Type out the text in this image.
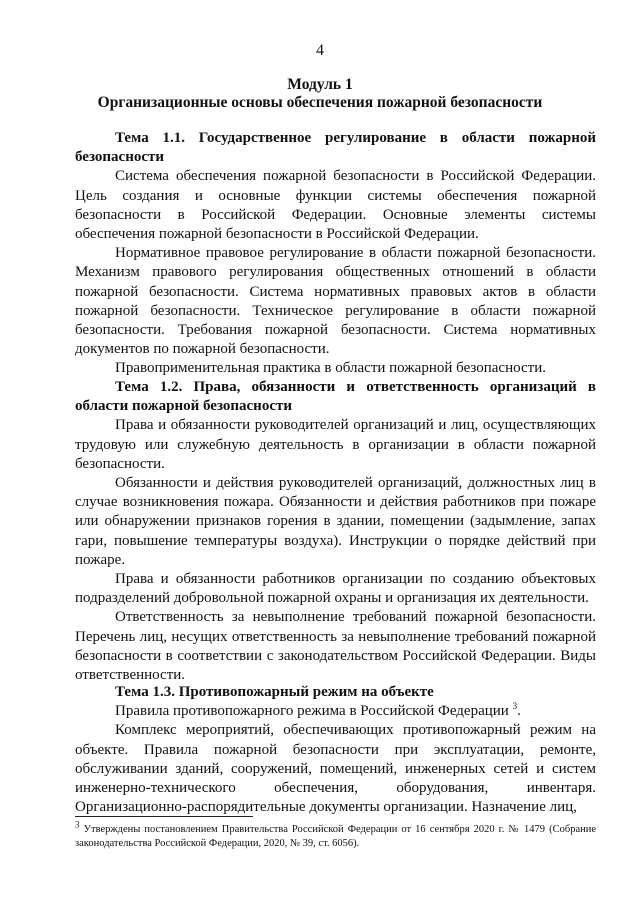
4
Модуль 1
Организационные основы обеспечения пожарной безопасности

Тема 1.1. Государственное регулирование в области пожарной безопасности

Система обеспечения пожарной безопасности в Российской Федерации. Цель создания и основные функции системы обеспечения пожарной безопасности в Российской Федерации. Основные элементы системы обеспечения пожарной безопасности в Российской Федерации.

Нормативное правовое регулирование в области пожарной безопасности. Механизм правового регулирования общественных отношений в области пожарной безопасности. Система нормативных правовых актов в области пожарной безопасности. Техническое регулирование в области пожарной безопасности. Требования пожарной безопасности. Система нормативных документов по пожарной безопасности.

Правоприменительная практика в области пожарной безопасности.

Тема 1.2. Права, обязанности и ответственность организаций в области пожарной безопасности

Права и обязанности руководителей организаций и лиц, осуществляющих трудовую или служебную деятельность в организации в области пожарной безопасности.

Обязанности и действия руководителей организаций, должностных лиц в случае возникновения пожара. Обязанности и действия работников при пожаре или обнаружении признаков горения в здании, помещении (задымление, запах гари, повышение температуры воздуха). Инструкции о порядке действий при пожаре.

Права и обязанности работников организации по созданию объектовых подразделений добровольной пожарной охраны и организация их деятельности.

Ответственность за невыполнение требований пожарной безопасности. Перечень лиц, несущих ответственность за невыполнение требований пожарной безопасности в соответствии с законодательством Российской Федерации. Виды ответственности.

Тема 1.3. Противопожарный режим на объекте

Правила противопожарного режима в Российской Федерации $^3$.

Комплекс мероприятий, обеспечивающих противопожарный режим на объекте. Правила пожарной безопасности при эксплуатации, ремонте, обслуживании зданий, сооружений, помещений, инженерных сетей и систем инженерно-технического обеспечения, оборудования, инвентаря. Организационно-распорядительные документы организации. Назначение лиц,

$^3$ Утверждены постановлением Правительства Российской Федерации от 16 сентября 2020 г. № 1479 (Собрание законодательства Российской Федерации, 2020, № 39, ст. 6056).
